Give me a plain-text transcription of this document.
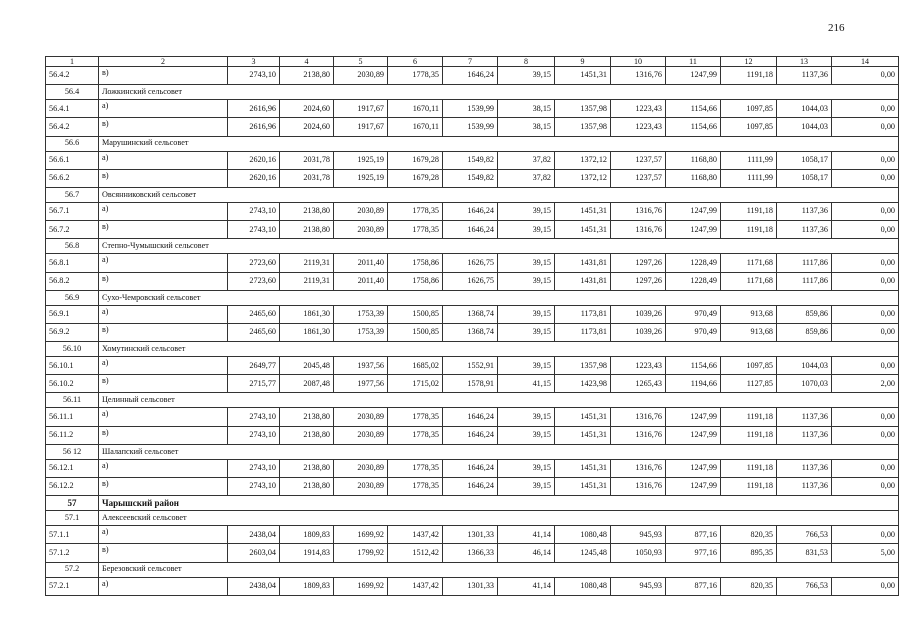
216
1	2	3	4	5	6	7	8	9	10	11	12	13	14
56.4.2	в)	2743,10	2138,80	2030,89	1778,35	1646,24	39,15	1451,31	1316,76	1247,99	1191,18	1137,36	0,00
56.4	Ложкинский сельсовет												
56.4.1	а)	2616,96	2024,60	1917,67	1670,11	1539,99	38,15	1357,98	1223,43	1154,66	1097,85	1044,03	0,00
56.4.2	в)	2616,96	2024,60	1917,67	1670,11	1539,99	38,15	1357,98	1223,43	1154,66	1097,85	1044,03	0,00
56.6	Марушинский сельсовет												
56.6.1	а)	2620,16	2031,78	1925,19	1679,28	1549,82	37,82	1372,12	1237,57	1168,80	1111,99	1058,17	0,00
56.6.2	в)	2620,16	2031,78	1925,19	1679,28	1549,82	37,82	1372,12	1237,57	1168,80	1111,99	1058,17	0,00
56.7	Овсянниковский сельсовет												
56.7.1	а)	2743,10	2138,80	2030,89	1778,35	1646,24	39,15	1451,31	1316,76	1247,99	1191,18	1137,36	0,00
56.7.2	в)	2743,10	2138,80	2030,89	1778,35	1646,24	39,15	1451,31	1316,76	1247,99	1191,18	1137,36	0,00
56.8	Степно-Чумышский сельсовет												
56.8.1	а)	2723,60	2119,31	2011,40	1758,86	1626,75	39,15	1431,81	1297,26	1228,49	1171,68	1117,86	0,00
56.8.2	в)	2723,60	2119,31	2011,40	1758,86	1626,75	39,15	1431,81	1297,26	1228,49	1171,68	1117,86	0,00
56.9	Сухо-Чемровский сельсовет												
56.9.1	а)	2465,60	1861,30	1753,39	1500,85	1368,74	39,15	1173,81	1039,26	970,49	913,68	859,86	0,00
56.9.2	в)	2465,60	1861,30	1753,39	1500,85	1368,74	39,15	1173,81	1039,26	970,49	913,68	859,86	0,00
56.10	Хомутинский сельсовет												
56.10.1	а)	2649,77	2045,48	1937,56	1685,02	1552,91	39,15	1357,98	1223,43	1154,66	1097,85	1044,03	0,00
56.10.2	в)	2715,77	2087,48	1977,56	1715,02	1578,91	41,15	1423,98	1265,43	1194,66	1127,85	1070,03	2,00
56.11	Целинный сельсовет												
56.11.1	а)	2743,10	2138,80	2030,89	1778,35	1646,24	39,15	1451,31	1316,76	1247,99	1191,18	1137,36	0,00
56.11.2	в)	2743,10	2138,80	2030,89	1778,35	1646,24	39,15	1451,31	1316,76	1247,99	1191,18	1137,36	0,00
56 12	Шалапский сельсовет												
56.12.1	а)	2743,10	2138,80	2030,89	1778,35	1646,24	39,15	1451,31	1316,76	1247,99	1191,18	1137,36	0,00
56.12.2	в)	2743,10	2138,80	2030,89	1778,35	1646,24	39,15	1451,31	1316,76	1247,99	1191,18	1137,36	0,00
57	Чарышский район												
57.1	Алексеевский сельсовет												
57.1.1	а)	2438,04	1809,83	1699,92	1437,42	1301,33	41,14	1080,48	945,93	877,16	820,35	766,53	0,00
57.1.2	в)	2603,04	1914,83	1799,92	1512,42	1366,33	46,14	1245,48	1050,93	977,16	895,35	831,53	5,00
57.2	Березовский сельсовет												
57.2.1	а)	2438,04	1809,83	1699,92	1437,42	1301,33	41,14	1080,48	945,93	877,16	820,35	766,53	0,00
